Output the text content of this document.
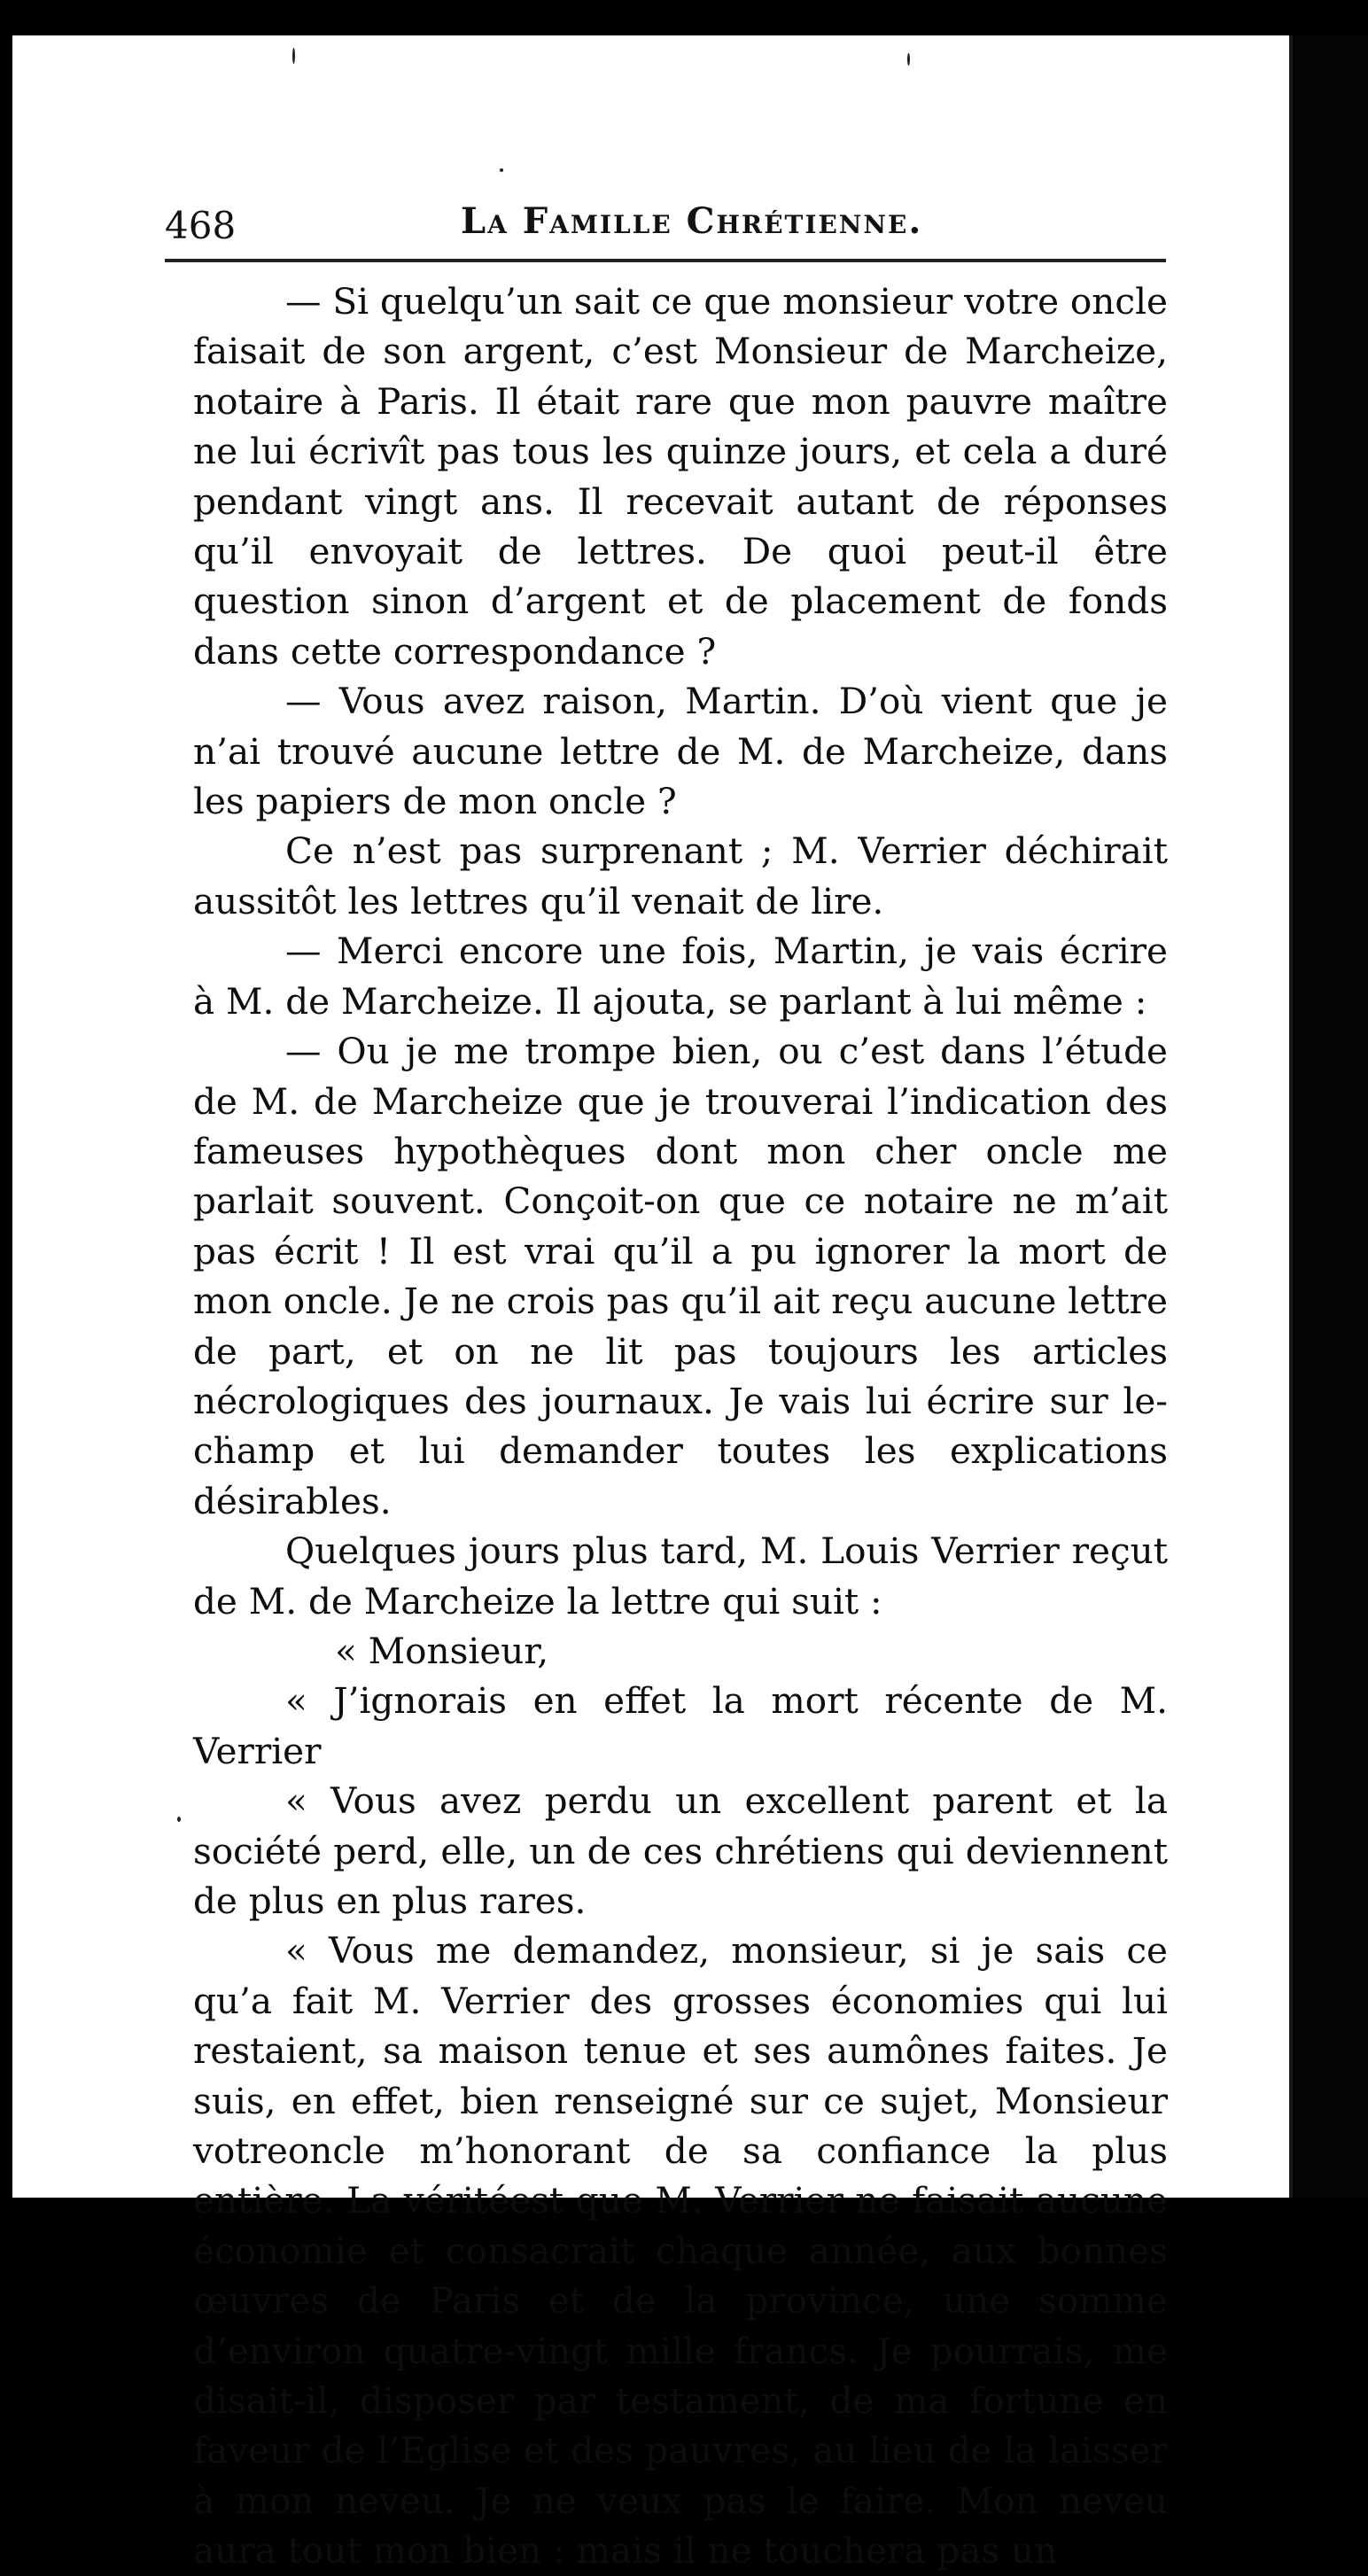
468	La Famille Chrétienne.

— Si quelqu’un sait ce que monsieur votre oncle faisait de son argent, c’est Monsieur de Marcheize, notaire à Paris. Il était rare que mon pauvre maître ne lui écrivît pas tous les quinze jours, et cela a duré pendant vingt ans. Il recevait autant de réponses qu’il envoyait de lettres. De quoi peut-il être question sinon d’argent et de placement de fonds dans cette correspondance ?

— Vous avez raison, Martin. D’où vient que je n’ai trouvé aucune lettre de M. de Marcheize, dans les papiers de mon oncle ?

Ce n’est pas surprenant ; M. Verrier déchirait aussitôt les lettres qu’il venait de lire.

— Merci encore une fois, Martin, je vais écrire à M. de Marcheize. Il ajouta, se parlant à lui même :

— Ou je me trompe bien, ou c’est dans l’étude de M. de Marcheize que je trouverai l’indication des fameuses hypothèques dont mon cher oncle me parlait souvent. Conçoit-on que ce notaire ne m’ait pas écrit ! Il est vrai qu’il a pu ignorer la mort de mon oncle. Je ne crois pas qu’il ait reçu aucune lettre de part, et on ne lit pas toujours les articles nécrologiques des journaux. Je vais lui écrire sur le-champ et lui demander toutes les explications désirables.

Quelques jours plus tard, M. Louis Verrier reçut de M. de Marcheize la lettre qui suit :

« Monsieur,

« J’ignorais en effet la mort récente de M. Verrier

« Vous avez perdu un excellent parent et la société perd, elle, un de ces chrétiens qui deviennent de plus en plus rares.

« Vous me demandez, monsieur, si je sais ce qu’a fait M. Verrier des grosses économies qui lui restaient, sa maison tenue et ses aumônes faites. Je suis, en effet, bien renseigné sur ce sujet, Monsieur votreoncle m’honorant de sa confiance la plus entière. La véritéest que M. Verrier ne faisait aucune économie et consacrait chaque année, aux bonnes œuvres de Paris et de la province, une somme d’environ quatre-vingt mille francs. Je pourrais, me disait-il, disposer par testament, de ma fortune en faveur de l’Eglise et des pauvres, au lieu de la laisser à mon neveu. Je ne veux pas le faire. Mon neveu aura tout mon bien : mais il ne touchera pas un
